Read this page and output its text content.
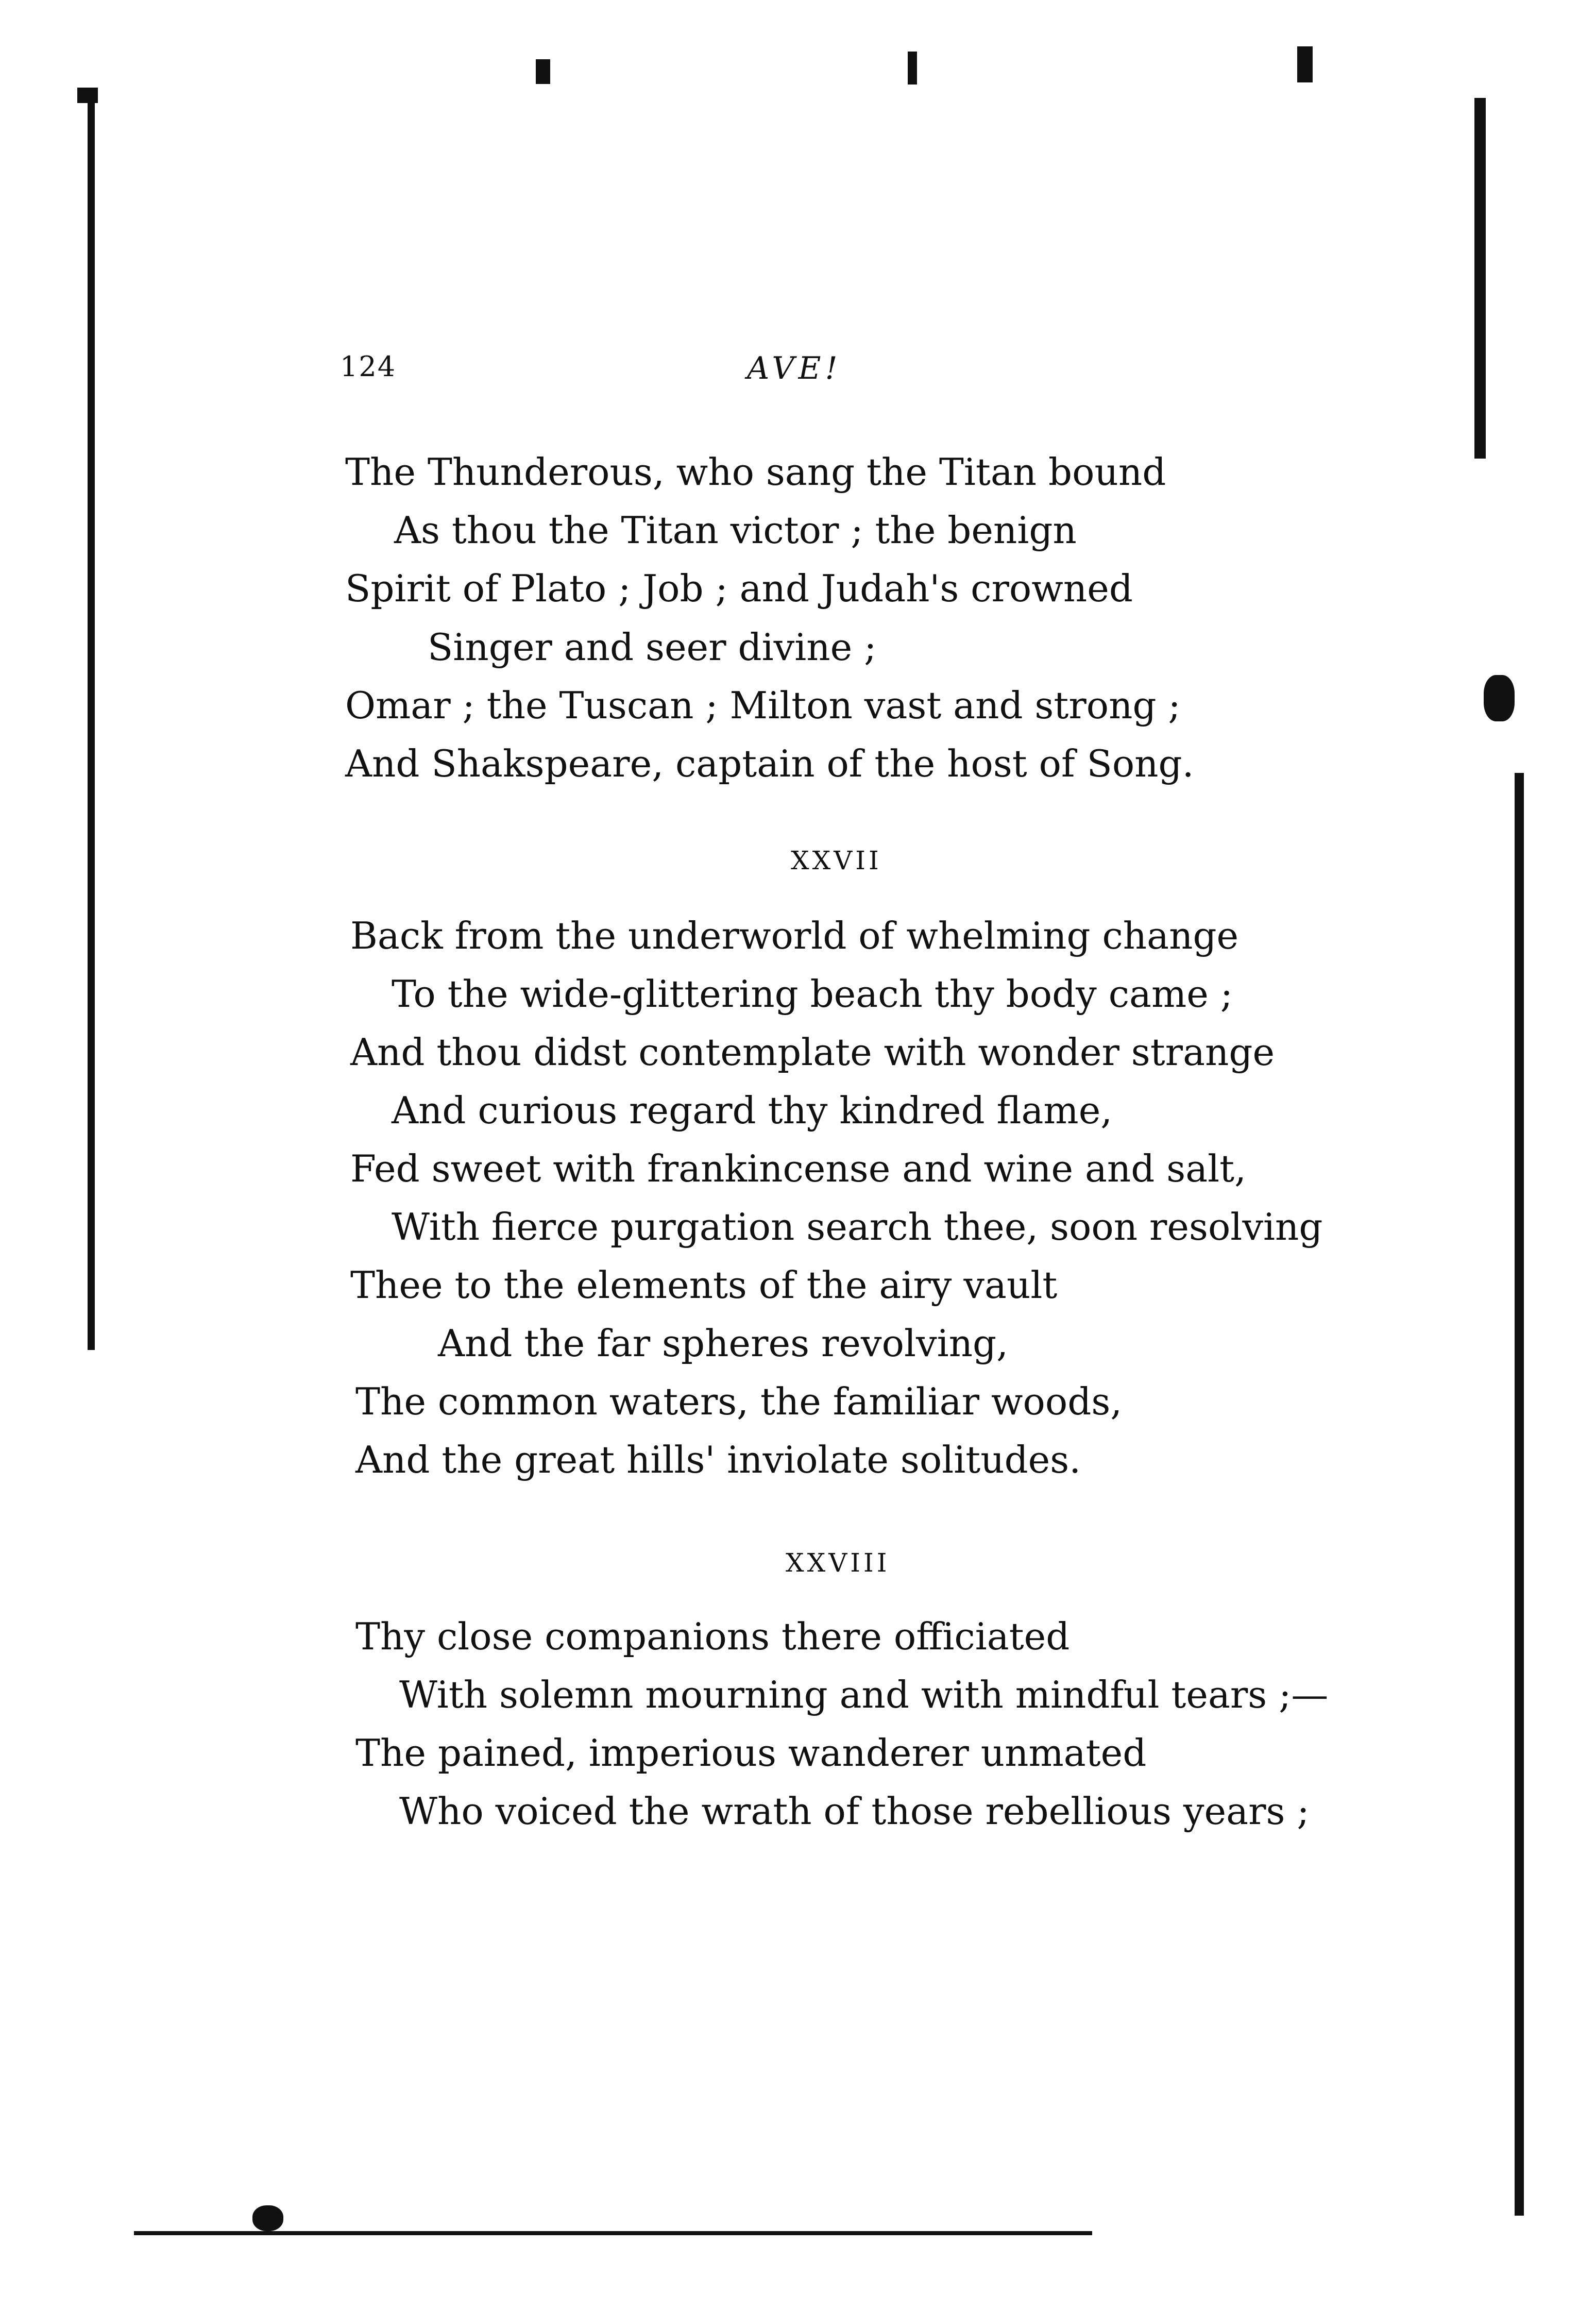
124	AVE!
The Thunderous, who sang the Titan bound
As thou the Titan victor ; the benign
Spirit of Plato ; Job ; and Judah's crowned
Singer and seer divine ;
Omar ; the Tuscan ; Milton vast and strong ;
And Shakspeare, captain of the host of Song.
XXVII
Back from the underworld of whelming change
To the wide-glittering beach thy body came ;
And thou didst contemplate with wonder strange
And curious regard thy kindred flame,
Fed sweet with frankincense and wine and salt,
With fierce purgation search thee, soon resolving
Thee to the elements of the airy vault
And the far spheres revolving,
The common waters, the familiar woods,
And the great hills' inviolate solitudes.
XXVIII
Thy close companions there officiated
With solemn mourning and with mindful tears ;—
The pained, imperious wanderer unmated
Who voiced the wrath of those rebellious years ;
